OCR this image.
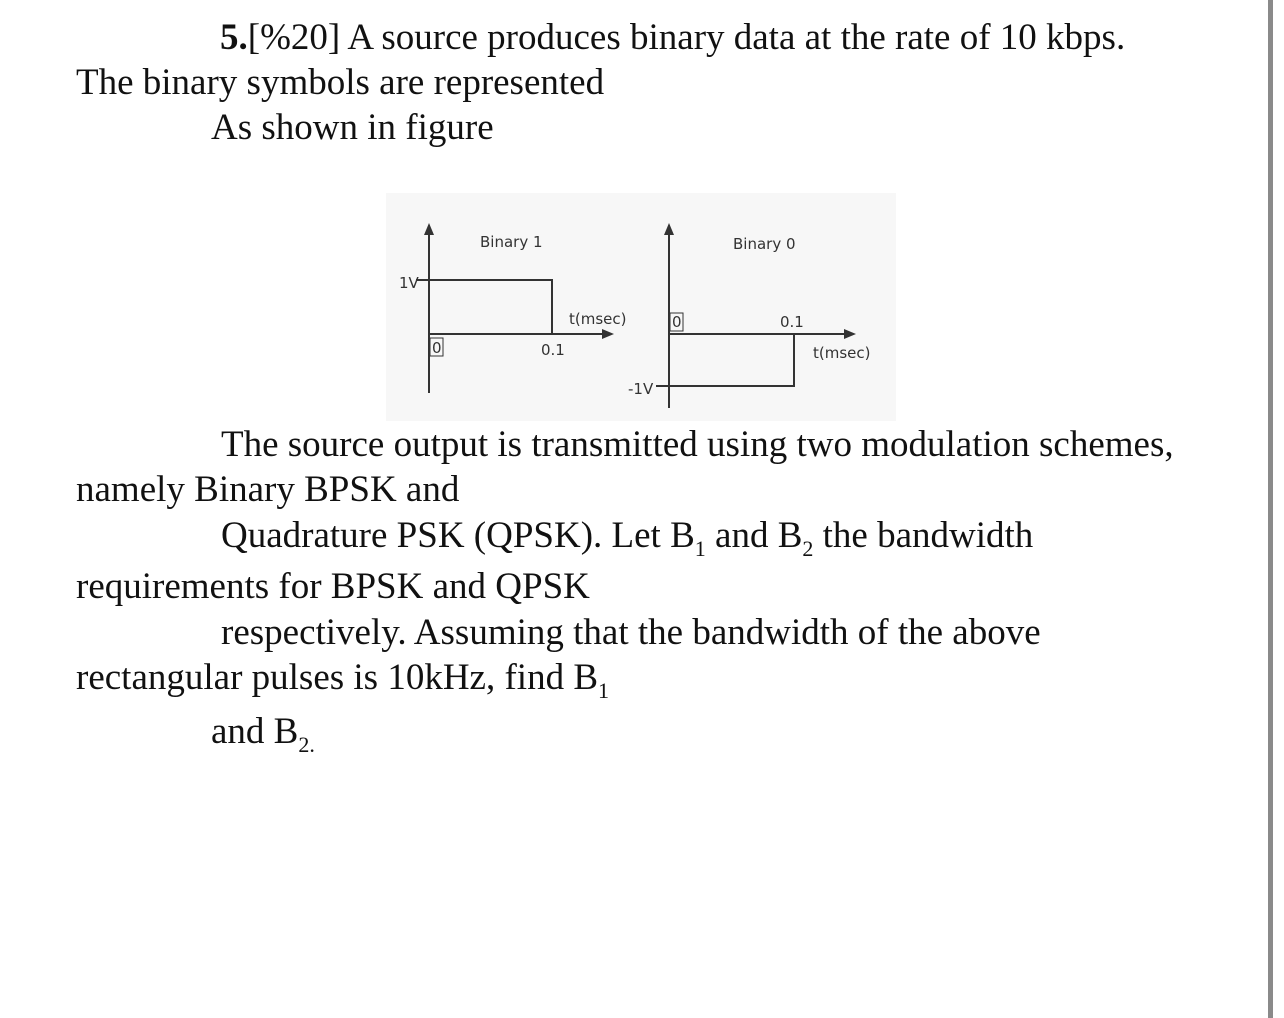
5.[%20] A source produces binary data at the rate of 10 kbps.
The binary symbols are represented
As shown in figure
Binary 1
1V
0	0.1
t(msec)
Binary 0
-1V
0	0.1
t(msec)
The source output is transmitted using two modulation schemes,
namely Binary BPSK and
Quadrature PSK (QPSK). Let $B_1$ and $B_2$ the bandwidth
requirements for BPSK and QPSK
respectively. Assuming that the bandwidth of the above
rectangular pulses is 10kHz, find $B_1$
and $B_{2.}$
